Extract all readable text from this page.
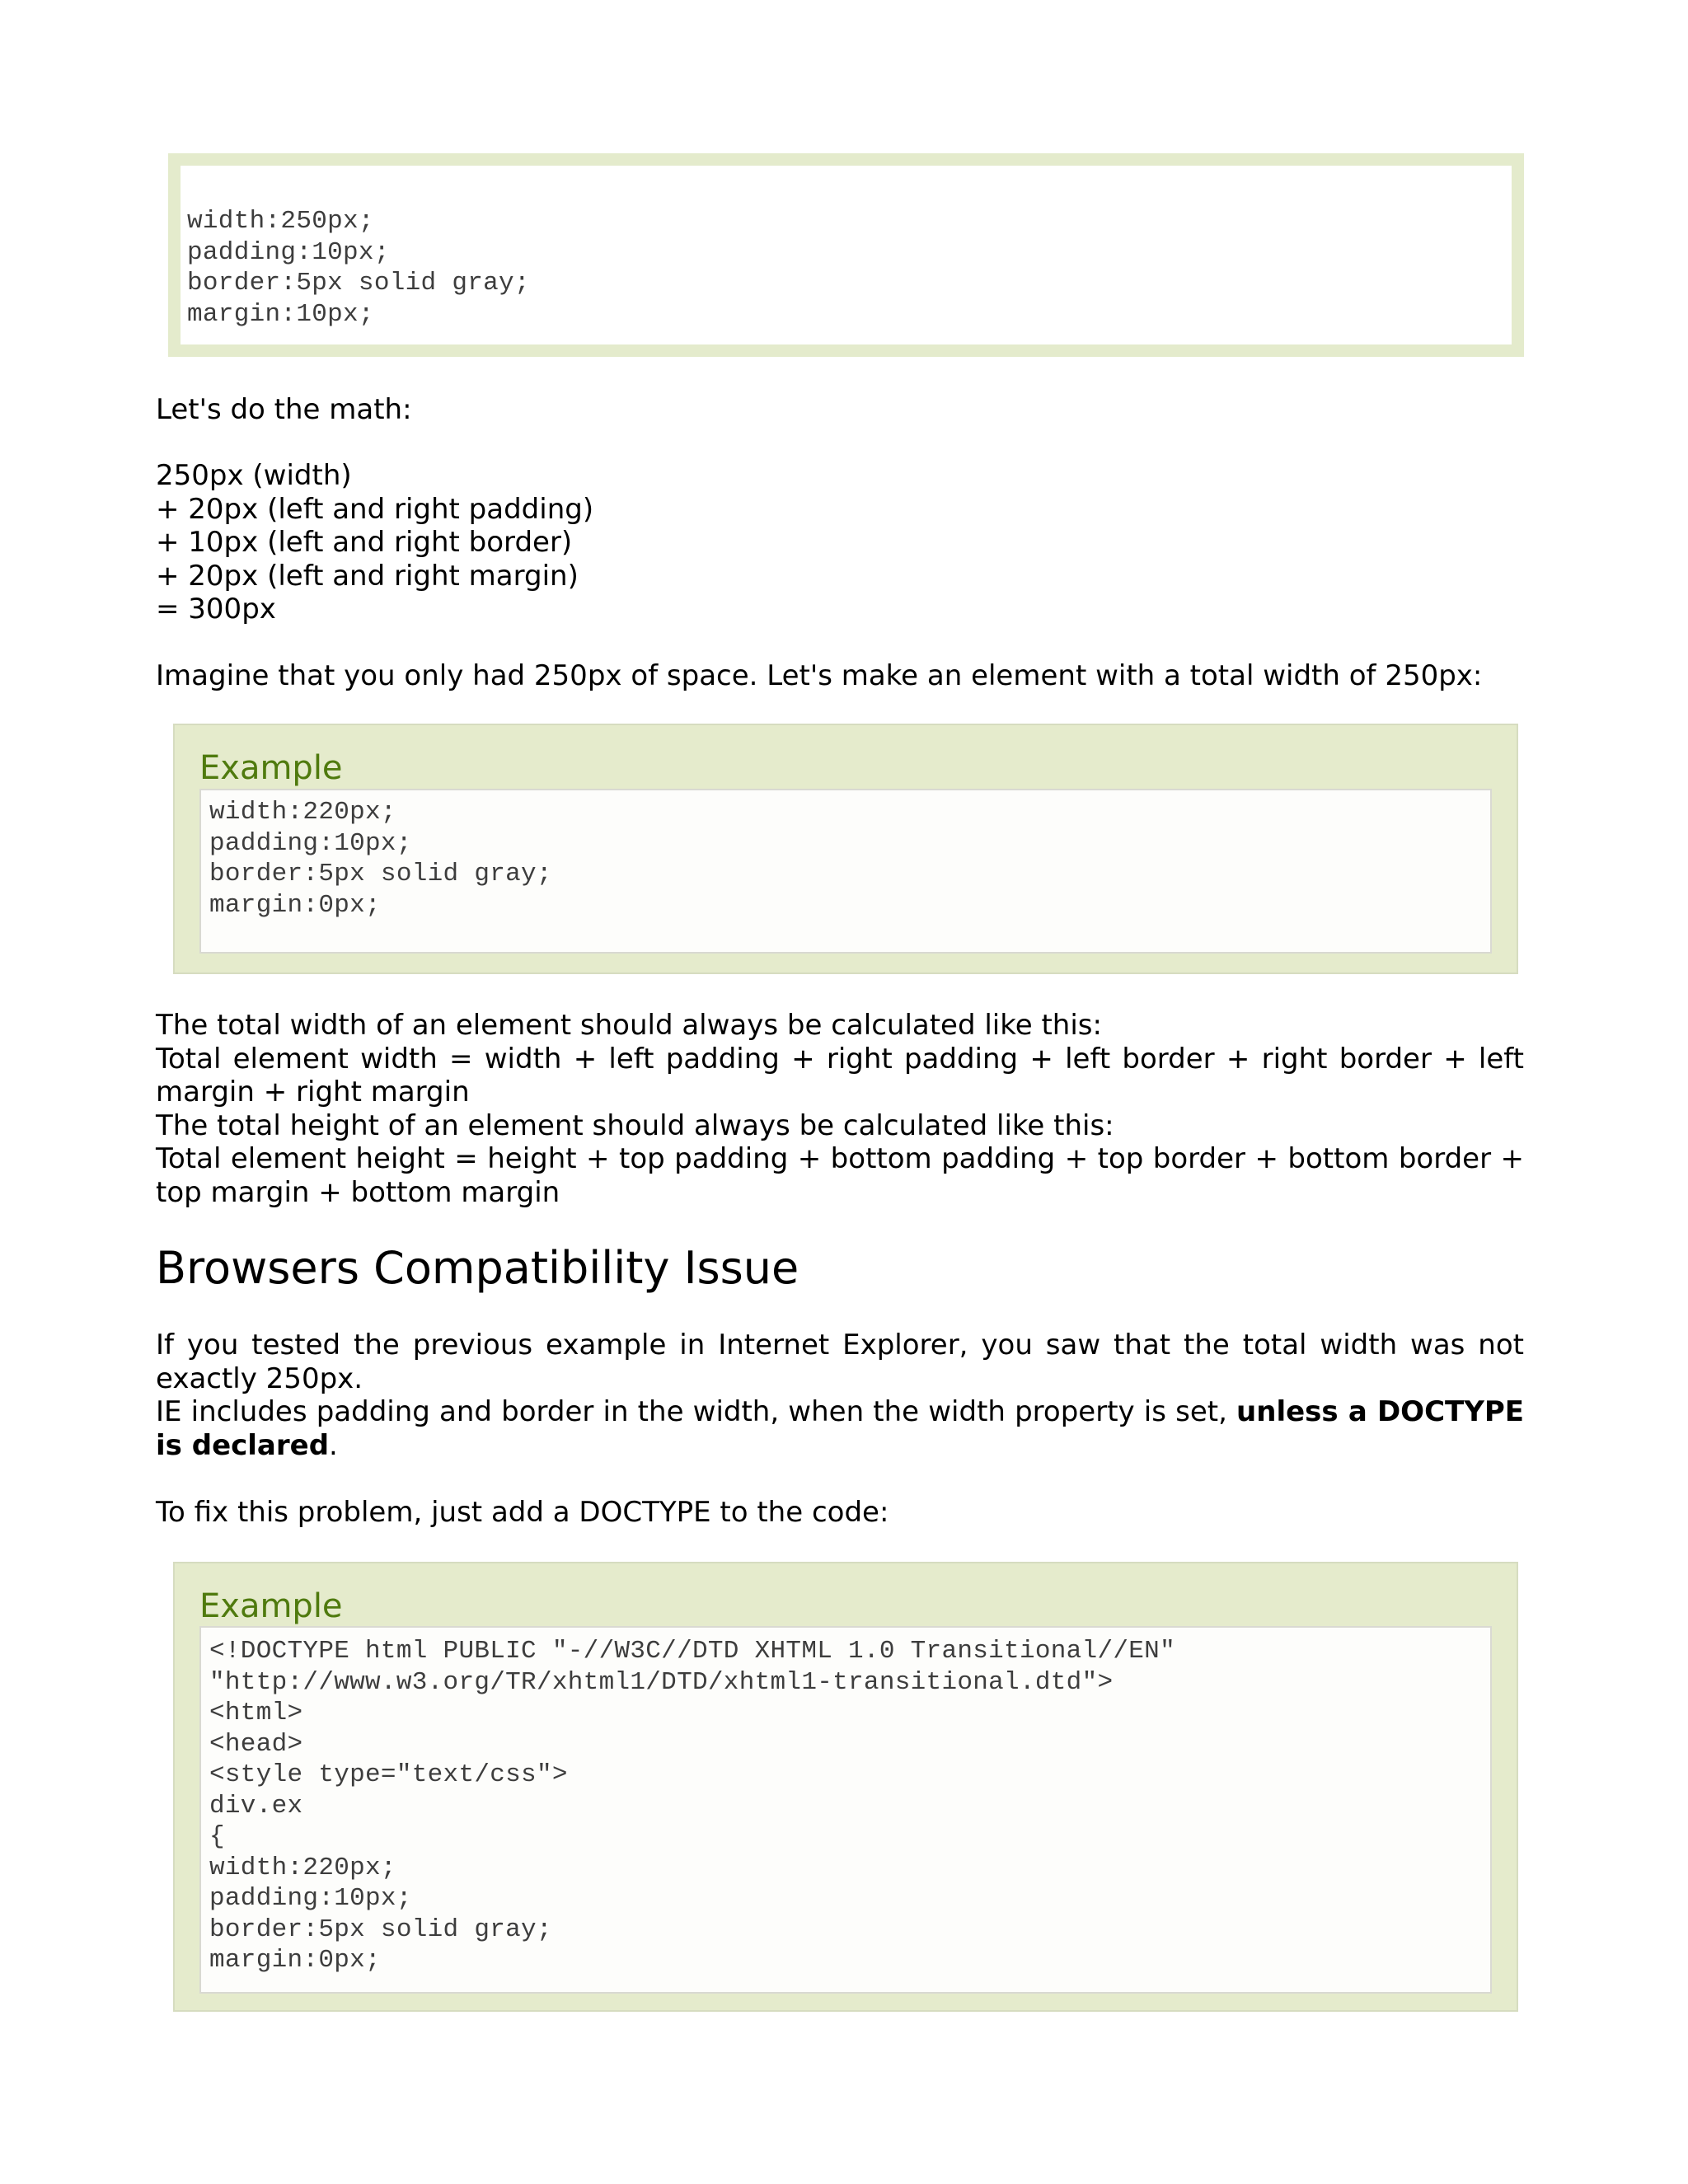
width:250px;
padding:10px;
border:5px solid gray;
margin:10px;

Let's do the math:

250px (width)
+ 20px (left and right padding)
+ 10px (left and right border)
+ 20px (left and right margin)
= 300px

Imagine that you only had 250px of space. Let's make an element with a total width of 250px:

Example
width:220px;
padding:10px;
border:5px solid gray;
margin:0px;
The total width of an element should always be calculated like this:
Total element width = width + left padding + right padding + left border + right border + left margin + right margin
The total height of an element should always be calculated like this:
Total element height = height + top padding + bottom padding + top border + bottom border + top margin + bottom margin
Browsers Compatibility Issue

If you tested the previous example in Internet Explorer, you saw that the total width was not exactly 250px.

IE includes padding and border in the width, when the width property is set, unless a DOCTYPE is declared.

To fix this problem, just add a DOCTYPE to the code:

Example
<!DOCTYPE html PUBLIC "-//W3C//DTD XHTML 1.0 Transitional//EN"
"http://www.w3.org/TR/xhtml1/DTD/xhtml1-transitional.dtd">
<html>
<head>
<style type="text/css">
div.ex
{
width:220px;
padding:10px;
border:5px solid gray;
margin:0px;
